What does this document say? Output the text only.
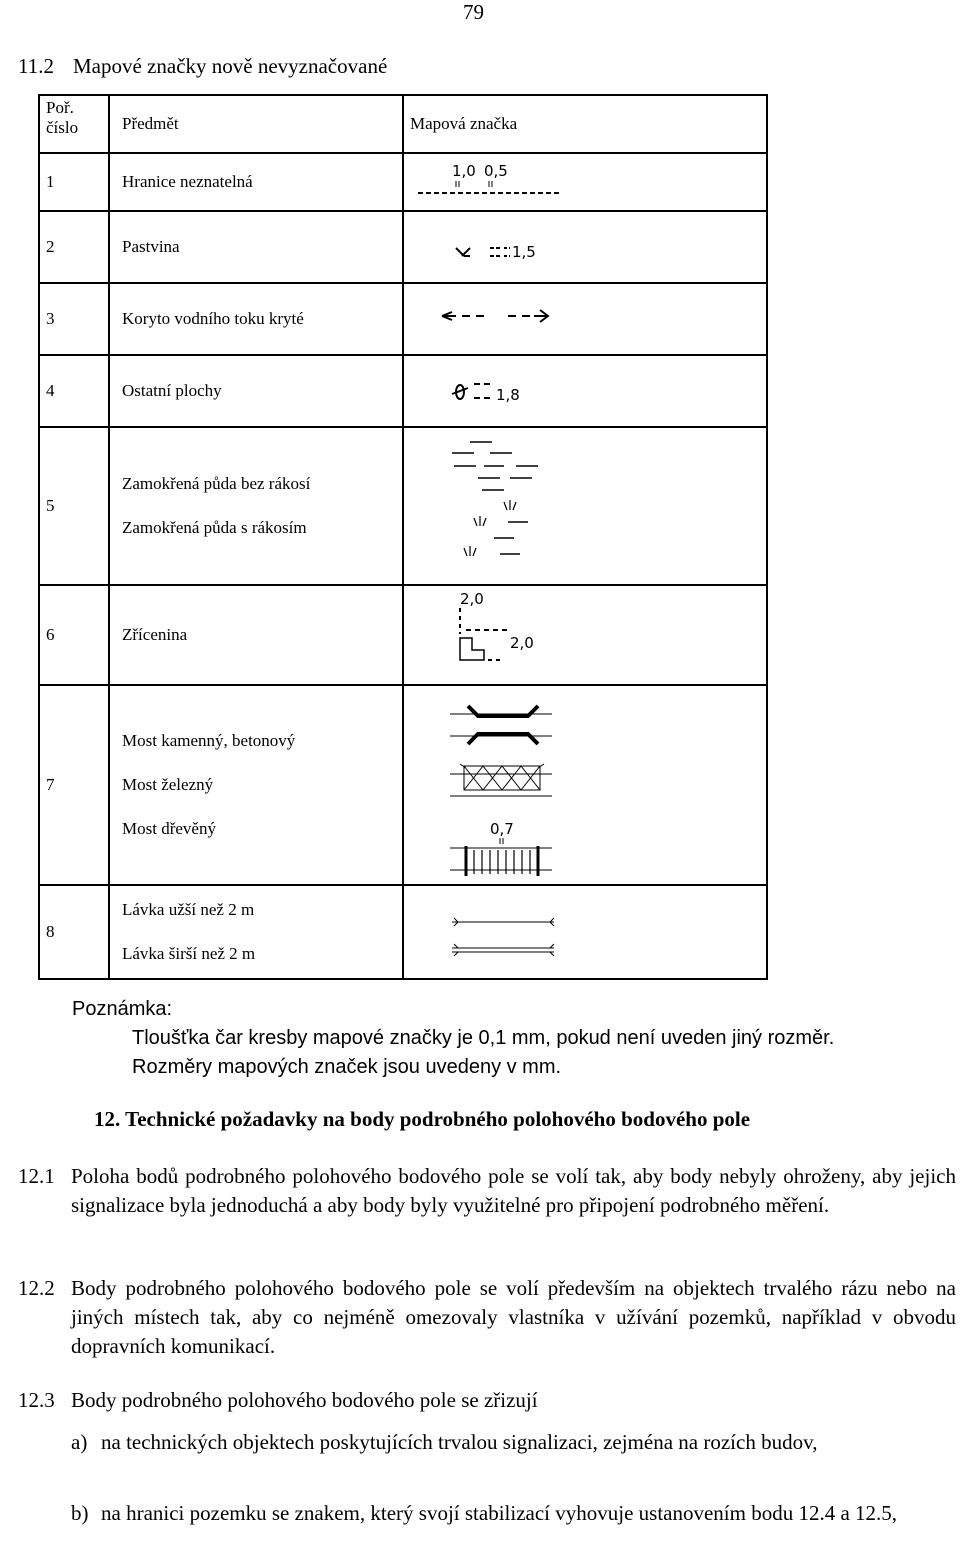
79
11.2 Mapové značky nově nevyznačované
Poř. číslo	Předmět	Mapová značka
1	Hranice neznatelná	1,0 0,5

2	Pastvina	1,5

3	Koryto vodního toku kryté	

4	Ostatní plochy	1,8

5	Zamokřená půda bez rákosí
Zamokřená půda s rákosím

6	Zřícenina	2,0
2,0

7	Most kamenný, betonový
Most železný
Most dřevěný	0,7

8	Lávka užší než 2 m
Lávka širší než 2 m

Poznámka:
Tloušťka čar kresby mapové značky je 0,1 mm, pokud není uveden jiný rozměr.
Rozměry mapových značek jsou uvedeny v mm.
12. Technické požadavky na body podrobného polohového bodového pole
12.1 Poloha bodů podrobného polohového bodového pole se volí tak, aby body nebyly ohroženy, aby jejich signalizace byla jednoduchá a aby body byly využitelné pro připojení podrobného měření.
12.2 Body podrobného polohového bodového pole se volí především na objektech trvalého rázu nebo na jiných místech tak, aby co nejméně omezovaly vlastníka v užívání pozemků, například v obvodu dopravních komunikací.
12.3 Body podrobného polohového bodového pole se zřizují
a) na technických objektech poskytujících trvalou signalizaci, zejména na rozích budov,
b) na hranici pozemku se znakem, který svojí stabilizací vyhovuje ustanovením bodu 12.4 a 12.5,
